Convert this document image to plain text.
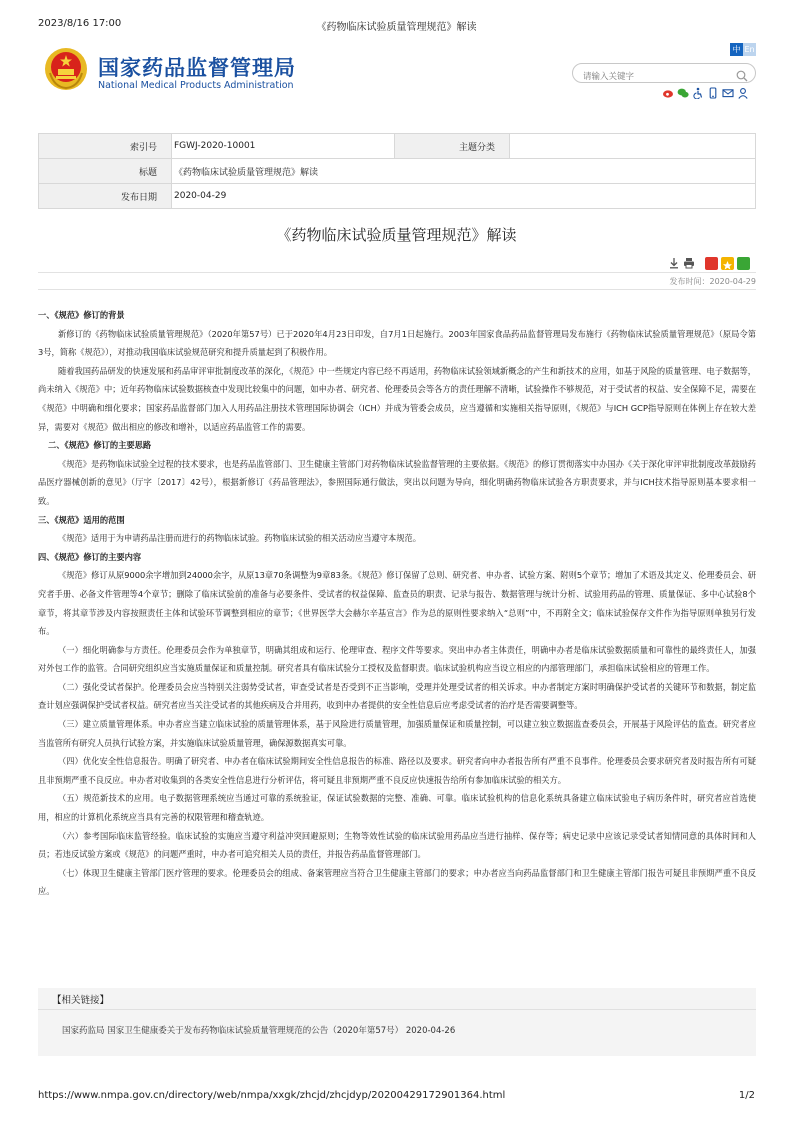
2023/8/16 17:00	《药物临床试验质量管理规范》解读
国家药品监督管理局
National Medical Products Administration
中 En
请输入关键字
索引号	FGWJ-2020-10001	主题分类	
标题	《药物临床试验质量管理规范》解读		
发布日期	2020-04-29		
《药物临床试验质量管理规范》解读
发布时间：2020-04-29

一、《规范》修订的背景

新修订的《药物临床试验质量管理规范》（2020年第57号）已于2020年4月23日印发，自7月1日起施行。2003年国家食品药品监督管理局发布施行《药物临床试验质量管理规范》（原局令第3号，简称《规范》），对推动我国临床试验规范研究和提升质量起到了积极作用。

随着我国药品研发的快速发展和药品审评审批制度改革的深化，《规范》中一些规定内容已经不再适用，药物临床试验领域新概念的产生和新技术的应用，如基于风险的质量管理、电子数据等，尚未纳入《规范》中；近年药物临床试验数据核查中发现比较集中的问题，如申办者、研究者、伦理委员会等各方的责任理解不清晰，试验操作不够规范，对于受试者的权益、安全保障不足，需要在《规范》中明确和细化要求；国家药品监督部门加入人用药品注册技术管理国际协调会（ICH）并成为管委会成员，应当遵循和实施相关指导原则，《规范》与ICH GCP指导原则在体例上存在较大差异，需要对《规范》做出相应的修改和增补，以适应药品监管工作的需要。

二、《规范》修订的主要思路

《规范》是药物临床试验全过程的技术要求，也是药品监管部门、卫生健康主管部门对药物临床试验监督管理的主要依据。《规范》的修订贯彻落实中办国办《关于深化审评审批制度改革鼓励药品医疗器械创新的意见》（厅字〔2017〕42号），根据新修订《药品管理法》，参照国际通行做法，突出以问题为导向，细化明确药物临床试验各方职责要求，并与ICH技术指导原则基本要求相一致。

三、《规范》适用的范围

《规范》适用于为申请药品注册而进行的药物临床试验。药物临床试验的相关活动应当遵守本规范。

四、《规范》修订的主要内容

《规范》修订从原9000余字增加到24000余字，从原13章70条调整为9章83条。《规范》修订保留了总则、研究者、申办者、试验方案、附则5个章节；增加了术语及其定义、伦理委员会、研究者手册、必备文件管理等4个章节；删除了临床试验前的准备与必要条件、受试者的权益保障、监查员的职责、记录与报告、数据管理与统计分析、试验用药品的管理、质量保证、多中心试验8个章节，将其章节涉及内容按照责任主体和试验环节调整到相应的章节；《世界医学大会赫尔辛基宣言》作为总的原则性要求纳入“总则”中，不再附全文；临床试验保存文件作为指导原则单独另行发布。

（一）细化明确参与方责任。伦理委员会作为单独章节，明确其组成和运行、伦理审查、程序文件等要求。突出申办者主体责任，明确申办者是临床试验数据质量和可靠性的最终责任人，加强对外包工作的监管。合同研究组织应当实施质量保证和质量控制。研究者具有临床试验分工授权及监督职责。临床试验机构应当设立相应的内部管理部门，承担临床试验相应的管理工作。

（二）强化受试者保护。伦理委员会应当特别关注弱势受试者，审查受试者是否受到不正当影响，受理并处理受试者的相关诉求。申办者制定方案时明确保护受试者的关键环节和数据，制定监查计划应强调保护受试者权益。研究者应当关注受试者的其他疾病及合并用药，收到申办者提供的安全性信息后应考虑受试者的治疗是否需要调整等。

（三）建立质量管理体系。申办者应当建立临床试验的质量管理体系，基于风险进行质量管理，加强质量保证和质量控制，可以建立独立数据监查委员会，开展基于风险评估的监查。研究者应当监管所有研究人员执行试验方案，并实施临床试验质量管理，确保源数据真实可靠。

（四）优化安全性信息报告。明确了研究者、申办者在临床试验期间安全性信息报告的标准、路径以及要求。研究者向申办者报告所有严重不良事件。伦理委员会要求研究者及时报告所有可疑且非预期严重不良反应。申办者对收集到的各类安全性信息进行分析评估，将可疑且非预期严重不良反应快速报告给所有参加临床试验的相关方。

（五）规范新技术的应用。电子数据管理系统应当通过可靠的系统验证，保证试验数据的完整、准确、可靠。临床试验机构的信息化系统具备建立临床试验电子病历条件时，研究者应首选使用，相应的计算机化系统应当具有完善的权限管理和稽查轨迹。

（六）参考国际临床监管经验。临床试验的实施应当遵守利益冲突回避原则；生物等效性试验的临床试验用药品应当进行抽样、保存等；病史记录中应该记录受试者知情同意的具体时间和人员；若违反试验方案或《规范》的问题严重时，申办者可追究相关人员的责任，并报告药品监督管理部门。

（七）体现卫生健康主管部门医疗管理的要求。伦理委员会的组成、备案管理应当符合卫生健康主管部门的要求；申办者应当向药品监督部门和卫生健康主管部门报告可疑且非预期严重不良反应。

【相关链接】
国家药监局 国家卫生健康委关于发布药物临床试验质量管理规范的公告（2020年第57号） 2020-04-26
https://www.nmpa.gov.cn/directory/web/nmpa/xxgk/zhcjd/zhcjdyp/20200429172901364.html	1/2
